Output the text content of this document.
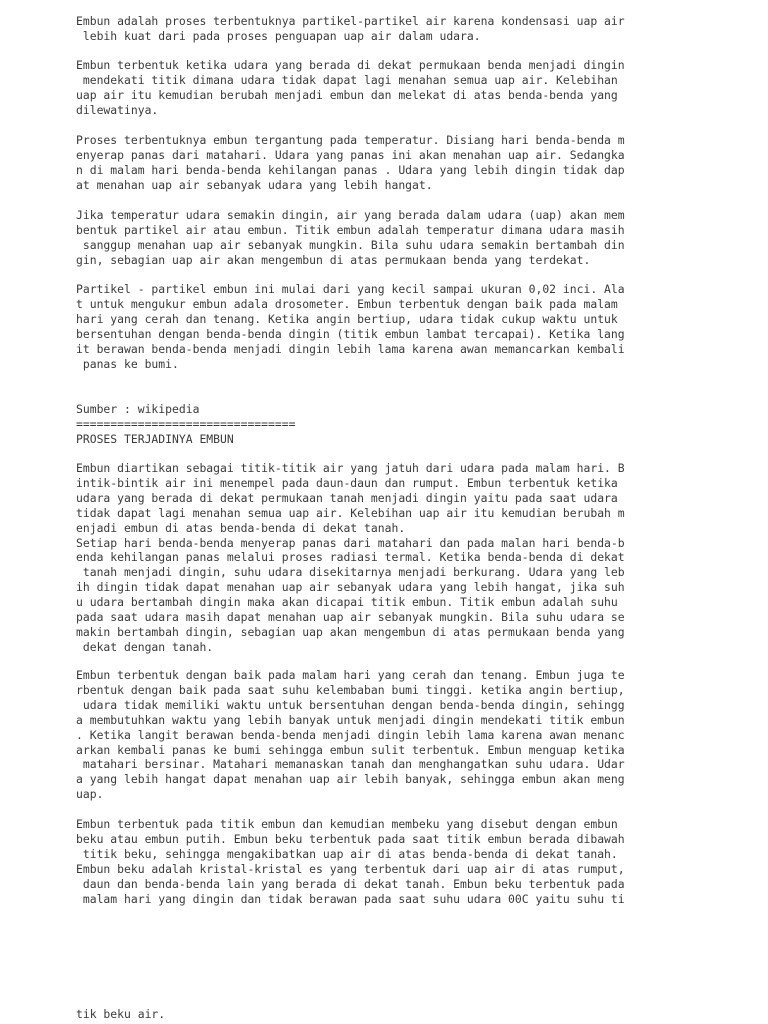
Embun adalah proses terbentuknya partikel-partikel air karena kondensasi uap air
lebih kuat dari pada proses penguapan uap air dalam udara.
Embun terbentuk ketika udara yang berada di dekat permukaan benda menjadi dingin
mendekati titik dimana udara tidak dapat lagi menahan semua uap air. Kelebihan
uap air itu kemudian berubah menjadi embun dan melekat di atas benda-benda yang
dilewatinya.
Proses terbentuknya embun tergantung pada temperatur. Disiang hari benda-benda m
enyerap panas dari matahari. Udara yang panas ini akan menahan uap air. Sedangka
n di malam hari benda-benda kehilangan panas . Udara yang lebih dingin tidak dap
at menahan uap air sebanyak udara yang lebih hangat.
Jika temperatur udara semakin dingin, air yang berada dalam udara (uap) akan mem
bentuk partikel air atau embun. Titik embun adalah temperatur dimana udara masih
sanggup menahan uap air sebanyak mungkin. Bila suhu udara semakin bertambah din
gin, sebagian uap air akan mengembun di atas permukaan benda yang terdekat.
Partikel - partikel embun ini mulai dari yang kecil sampai ukuran 0,02 inci. Ala
t untuk mengukur embun adala drosometer. Embun terbentuk dengan baik pada malam
hari yang cerah dan tenang. Ketika angin bertiup, udara tidak cukup waktu untuk
bersentuhan dengan benda-benda dingin (titik embun lambat tercapai). Ketika lang
it berawan benda-benda menjadi dingin lebih lama karena awan memancarkan kembali
panas ke bumi.
Sumber : wikipedia
================================
PROSES TERJADINYA EMBUN
Embun diartikan sebagai titik-titik air yang jatuh dari udara pada malam hari. B
intik-bintik air ini menempel pada daun-daun dan rumput. Embun terbentuk ketika
udara yang berada di dekat permukaan tanah menjadi dingin yaitu pada saat udara
tidak dapat lagi menahan semua uap air. Kelebihan uap air itu kemudian berubah m
enjadi embun di atas benda-benda di dekat tanah.
Setiap hari benda-benda menyerap panas dari matahari dan pada malan hari benda-b
enda kehilangan panas melalui proses radiasi termal. Ketika benda-benda di dekat
tanah menjadi dingin, suhu udara disekitarnya menjadi berkurang. Udara yang leb
ih dingin tidak dapat menahan uap air sebanyak udara yang lebih hangat, jika suh
u udara bertambah dingin maka akan dicapai titik embun. Titik embun adalah suhu
pada saat udara masih dapat menahan uap air sebanyak mungkin. Bila suhu udara se
makin bertambah dingin, sebagian uap akan mengembun di atas permukaan benda yang
dekat dengan tanah.
Embun terbentuk dengan baik pada malam hari yang cerah dan tenang. Embun juga te
rbentuk dengan baik pada saat suhu kelembaban bumi tinggi. ketika angin bertiup,
udara tidak memiliki waktu untuk bersentuhan dengan benda-benda dingin, sehingg
a membutuhkan waktu yang lebih banyak untuk menjadi dingin mendekati titik embun
. Ketika langit berawan benda-benda menjadi dingin lebih lama karena awan menanc
arkan kembali panas ke bumi sehingga embun sulit terbentuk. Embun menguap ketika
matahari bersinar. Matahari memanaskan tanah dan menghangatkan suhu udara. Udar
a yang lebih hangat dapat menahan uap air lebih banyak, sehingga embun akan meng
uap.
Embun terbentuk pada titik embun dan kemudian membeku yang disebut dengan embun
beku atau embun putih. Embun beku terbentuk pada saat titik embun berada dibawah
titik beku, sehingga mengakibatkan uap air di atas benda-benda di dekat tanah.
Embun beku adalah kristal-kristal es yang terbentuk dari uap air di atas rumput,
daun dan benda-benda lain yang berada di dekat tanah. Embun beku terbentuk pada
malam hari yang dingin dan tidak berawan pada saat suhu udara 00C yaitu suhu ti
tik beku air.
